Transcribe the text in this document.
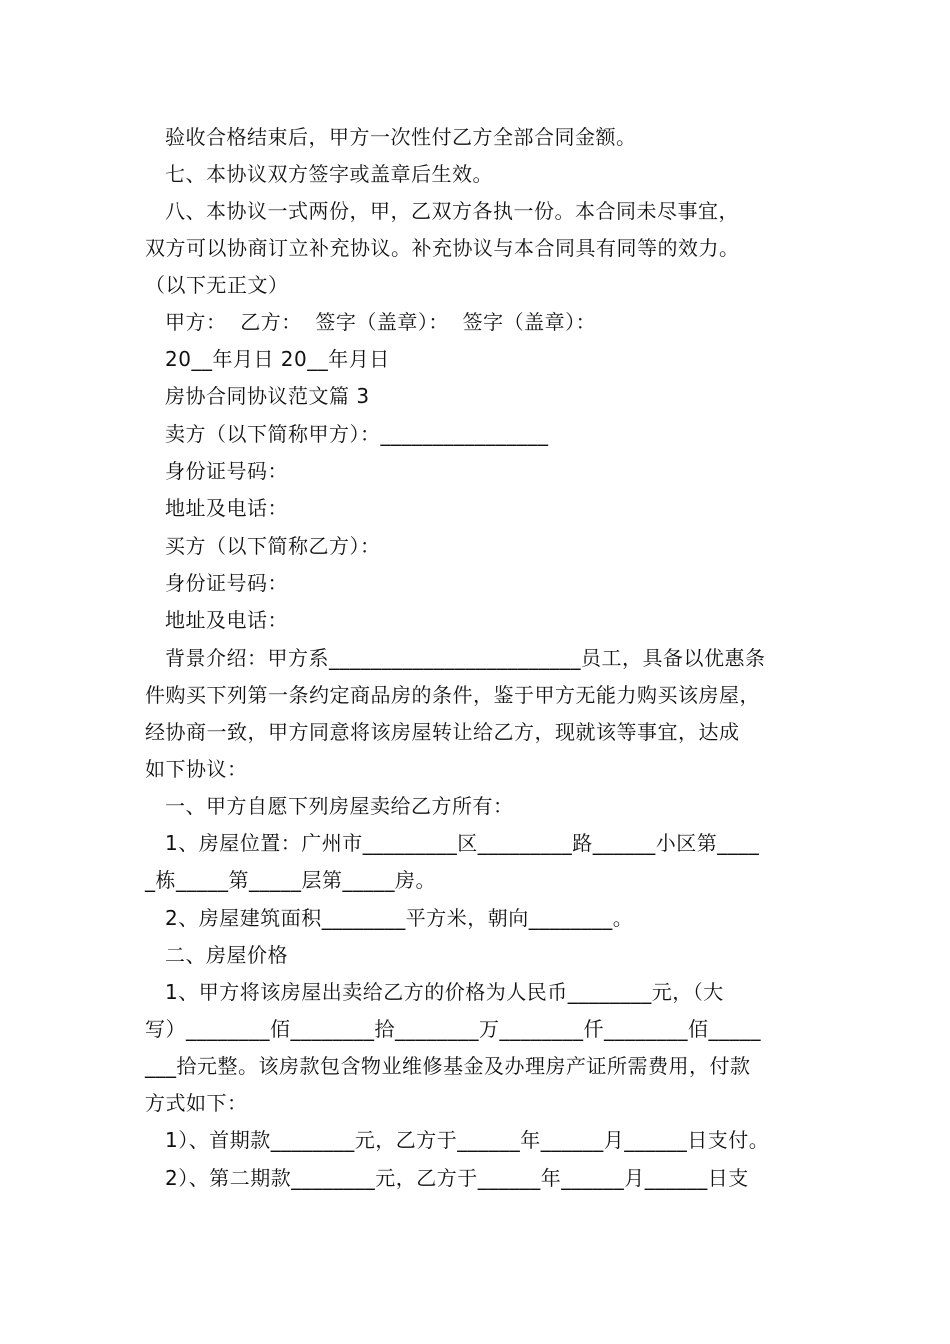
验收合格结束后，甲方一次性付乙方全部合同金额。
七、本协议双方签字或盖章后生效。
八、本协议一式两份，甲，乙双方各执一份。本合同未尽事宜，
双方可以协商订立补充协议。补充协议与本合同具有同等的效力。
（以下无正文）
甲方：  乙方：  签字（盖章）：  签字（盖章）：
20__年月日 20__年月日
房协合同协议范文篇 3
卖方（以下简称甲方）：________________
身份证号码：
地址及电话：
买方（以下简称乙方）：
身份证号码：
地址及电话：
背景介绍：甲方系________________________员工，具备以优惠条
件购买下列第一条约定商品房的条件，鉴于甲方无能力购买该房屋，
经协商一致，甲方同意将该房屋转让给乙方，现就该等事宜，达成
如下协议：
一、甲方自愿下列房屋卖给乙方所有：
1、房屋位置：广州市_________区_________路______小区第____
_栋_____第_____层第_____房。
2、房屋建筑面积________平方米，朝向________。
二、房屋价格
1、甲方将该房屋出卖给乙方的价格为人民币________元，（大
写）________佰________拾________万________仟________佰_____
___拾元整。该房款包含物业维修基金及办理房产证所需费用，付款
方式如下：
1）、首期款________元，乙方于______年______月______日支付。
2）、第二期款________元，乙方于______年______月______日支
